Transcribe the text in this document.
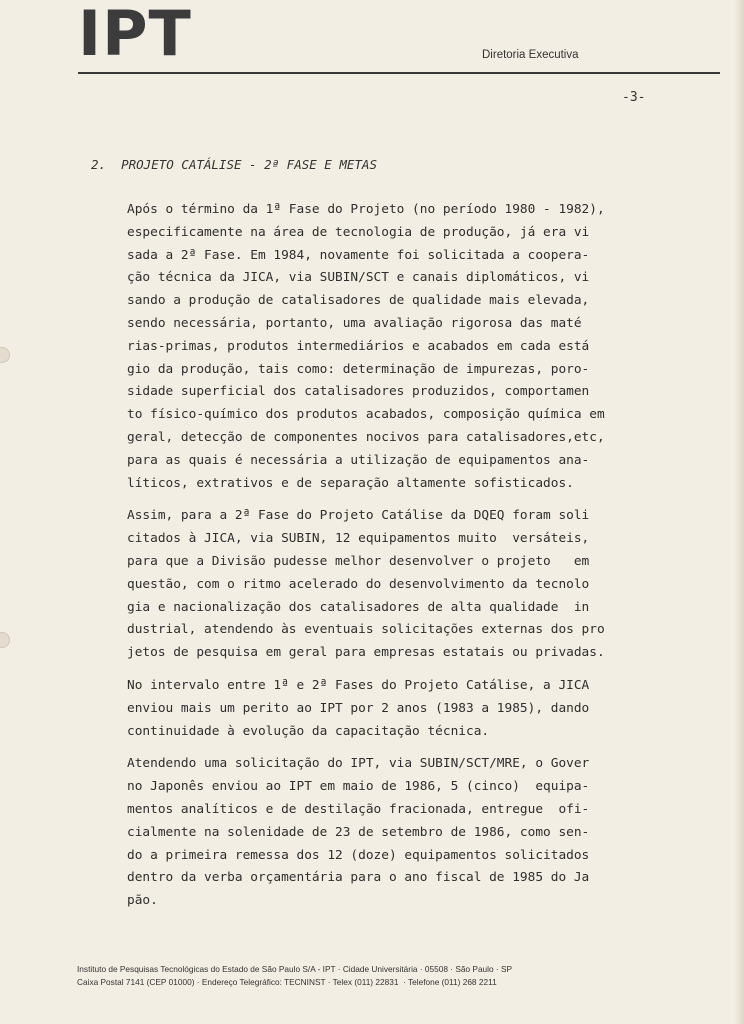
IPT	Diretoria Executiva
-3-
2.  PROJETO CATÁLISE - 2ª FASE E METAS
Após o término da 1ª Fase do Projeto (no período 1980 - 1982),
especificamente na área de tecnologia de produção, já era vi
sada a 2ª Fase. Em 1984, novamente foi solicitada a coopera-
ção técnica da JICA, via SUBIN/SCT e canais diplomáticos, vi
sando a produção de catalisadores de qualidade mais elevada,
sendo necessária, portanto, uma avaliação rigorosa das maté
rias-primas, produtos intermediários e acabados em cada está
gio da produção, tais como: determinação de impurezas, poro-
sidade superficial dos catalisadores produzidos, comportamen
to físico-químico dos produtos acabados, composição química em
geral, detecção de componentes nocivos para catalisadores,etc,
para as quais é necessária a utilização de equipamentos ana-
líticos, extrativos e de separação altamente sofisticados.
Assim, para a 2ª Fase do Projeto Catálise da DQEQ foram soli
citados à JICA, via SUBIN, 12 equipamentos muito  versáteis,
para que a Divisão pudesse melhor desenvolver o projeto   em
questão, com o ritmo acelerado do desenvolvimento da tecnolo
gia e nacionalização dos catalisadores de alta qualidade  in
dustrial, atendendo às eventuais solicitações externas dos pro
jetos de pesquisa em geral para empresas estatais ou privadas.
No intervalo entre 1ª e 2ª Fases do Projeto Catálise, a JICA
enviou mais um perito ao IPT por 2 anos (1983 a 1985), dando
continuidade à evolução da capacitação técnica.
Atendendo uma solicitação do IPT, via SUBIN/SCT/MRE, o Gover
no Japonês enviou ao IPT em maio de 1986, 5 (cinco)  equipa-
mentos analíticos e de destilação fracionada, entregue  ofi-
cialmente na solenidade de 23 de setembro de 1986, como sen-
do a primeira remessa dos 12 (doze) equipamentos solicitados
dentro da verba orçamentária para o ano fiscal de 1985 do Ja
pão.
Instituto de Pesquisas Tecnológicas do Estado de São Paulo S/A - IPT · Cidade Universitária · 05508 · São Paulo · SP
Caixa Postal 7141 (CEP 01000) · Endereço Telegráfico: TECNINST · Telex (011) 22831  · Telefone (011) 268 2211
